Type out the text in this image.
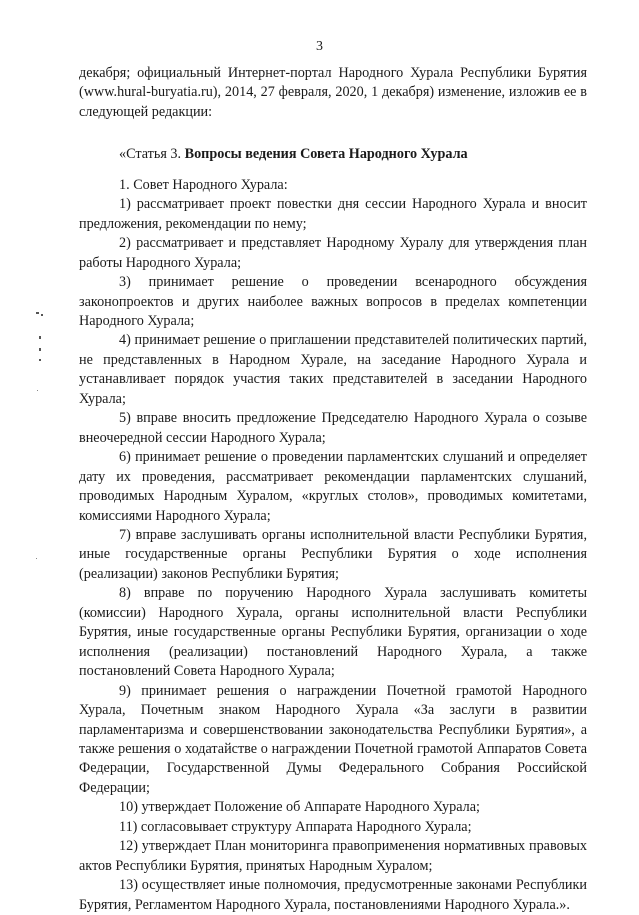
3

декабря; официальный Интернет-портал Народного Хурала Республики Бурятия (www.hural-buryatia.ru), 2014, 27 февраля, 2020, 1 декабря) изменение, изложив ее в следующей редакции:

«Статья 3. Вопросы ведения Совета Народного Хурала

1. Совет Народного Хурала:

1) рассматривает проект повестки дня сессии Народного Хурала и вносит предложения, рекомендации по нему;

2) рассматривает и представляет Народному Хуралу для утверждения план работы Народного Хурала;

3) принимает решение о проведении всенародного обсуждения законопроектов и других наиболее важных вопросов в пределах компетенции Народного Хурала;

4) принимает решение о приглашении представителей политических партий, не представленных в Народном Хурале, на заседание Народного Хурала и устанавливает порядок участия таких представителей в заседании Народного Хурала;

5) вправе вносить предложение Председателю Народного Хурала о созыве внеочередной сессии Народного Хурала;

6) принимает решение о проведении парламентских слушаний и определяет дату их проведения, рассматривает рекомендации парламентских слушаний, проводимых Народным Хуралом, «круглых столов», проводимых комитетами, комиссиями Народного Хурала;

7) вправе заслушивать органы исполнительной власти Республики Бурятия, иные государственные органы Республики Бурятия о ходе исполнения (реализации) законов Республики Бурятия;

8) вправе по поручению Народного Хурала заслушивать комитеты (комиссии) Народного Хурала, органы исполнительной власти Республики Бурятия, иные государственные органы Республики Бурятия, организации о ходе исполнения (реализации) постановлений Народного Хурала, а также постановлений Совета Народного Хурала;

9) принимает решения о награждении Почетной грамотой Народного Хурала, Почетным знаком Народного Хурала «За заслуги в развитии парламентаризма и совершенствовании законодательства Республики Бурятия», а также решения о ходатайстве о награждении Почетной грамотой Аппаратов Совета Федерации, Государственной Думы Федерального Собрания Российской Федерации;

10) утверждает Положение об Аппарате Народного Хурала;

11) согласовывает структуру Аппарата Народного Хурала;

12) утверждает План мониторинга правоприменения нормативных правовых актов Республики Бурятия, принятых Народным Хуралом;

13) осуществляет иные полномочия, предусмотренные законами Республики Бурятия, Регламентом Народного Хурала, постановлениями Народного Хурала.».
